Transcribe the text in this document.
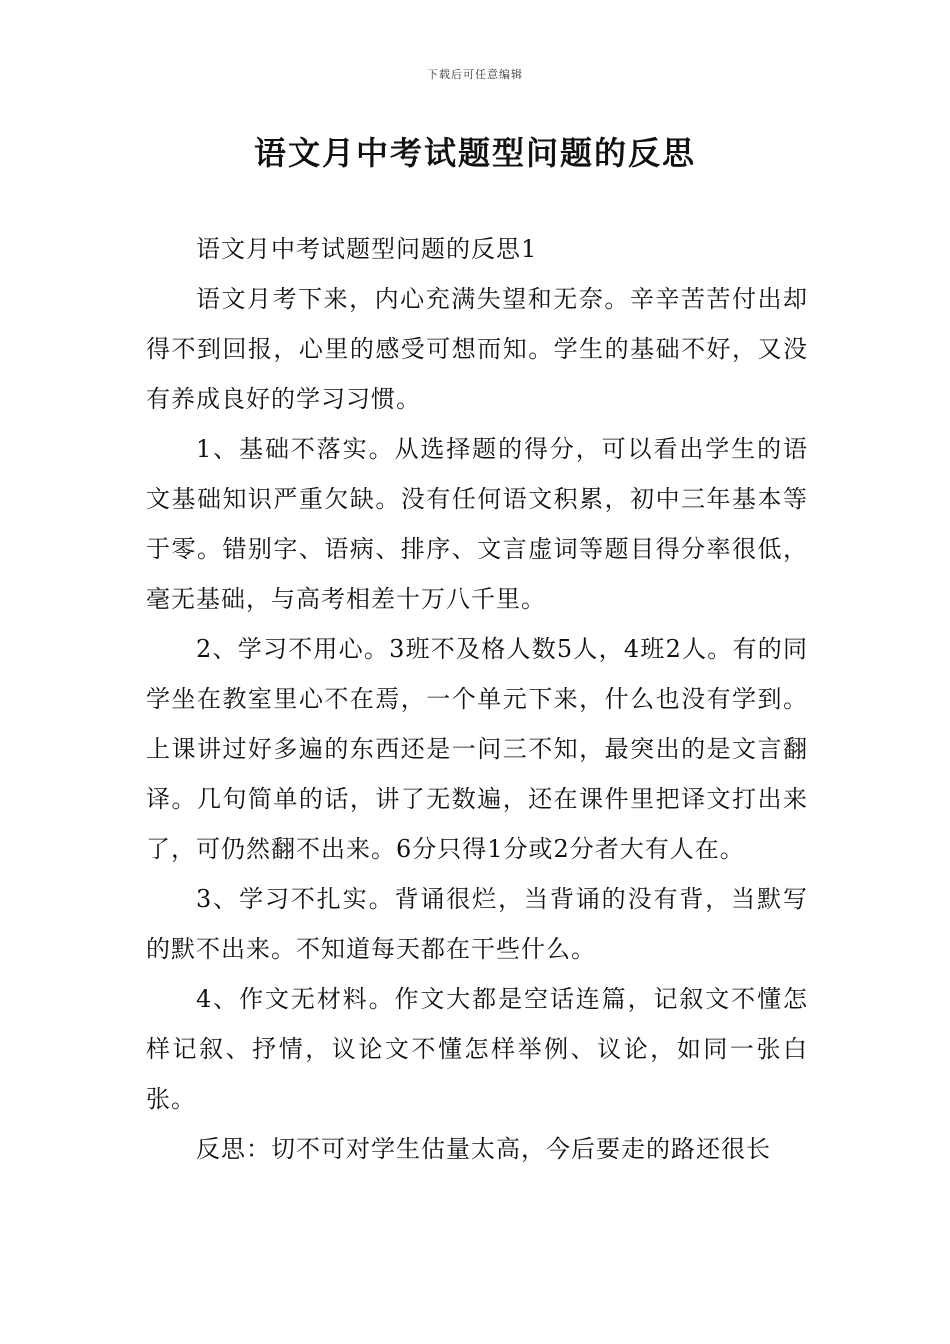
下载后可任意编辑
语文月中考试题型问题的反思

语文月中考试题型问题的反思1

语文月考下来，内心充满失望和无奈。辛辛苦苦付出却得不到回报，心里的感受可想而知。学生的基础不好，又没有养成良好的学习习惯。

1、基础不落实。从选择题的得分，可以看出学生的语文基础知识严重欠缺。没有任何语文积累，初中三年基本等于零。错别字、语病、排序、文言虚词等题目得分率很低，毫无基础，与高考相差十万八千里。

2、学习不用心。3班不及格人数5人，4班2人。有的同学坐在教室里心不在焉，一个单元下来，什么也没有学到。上课讲过好多遍的东西还是一问三不知，最突出的是文言翻译。几句简单的话，讲了无数遍，还在课件里把译文打出来了，可仍然翻不出来。6分只得1分或2分者大有人在。

3、学习不扎实。背诵很烂，当背诵的没有背，当默写的默不出来。不知道每天都在干些什么。

4、作文无材料。作文大都是空话连篇，记叙文不懂怎样记叙、抒情，议论文不懂怎样举例、议论，如同一张白张。

反思：切不可对学生估量太高，今后要走的路还很长
